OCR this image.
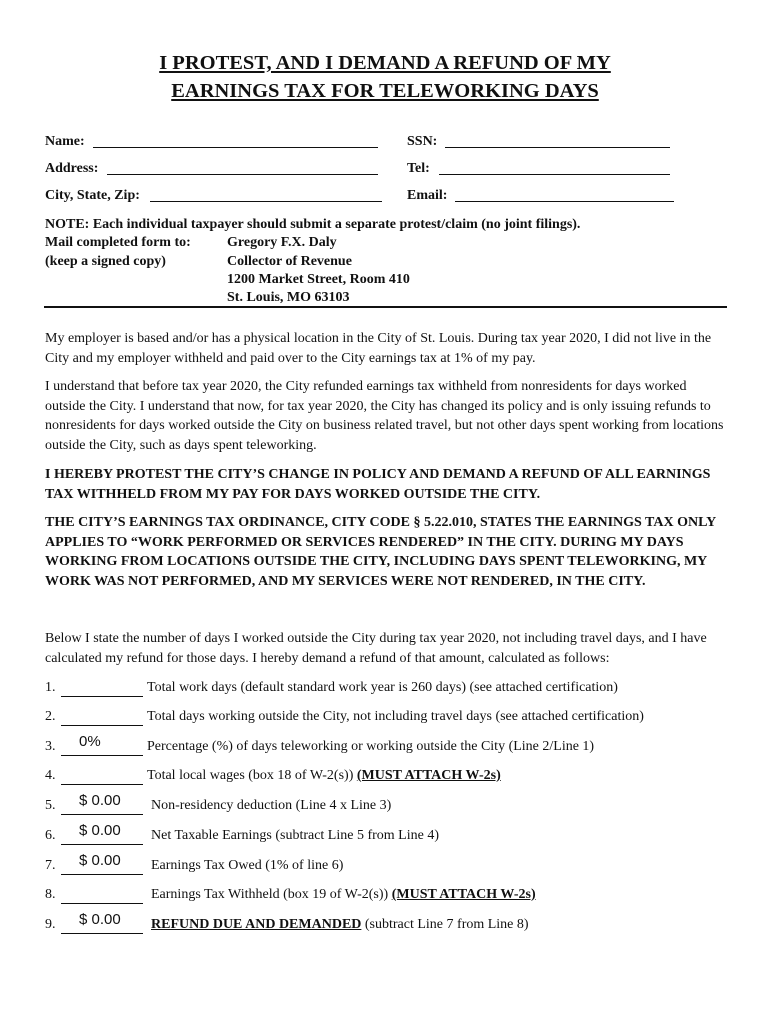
I PROTEST, AND I DEMAND A REFUND OF MY
EARNINGS TAX FOR TELEWORKING DAYS
Name:	SSN:
Address:	Tel:
City, State, Zip:	Email:
NOTE: Each individual taxpayer should submit a separate protest/claim (no joint filings).
Mail completed form to:
(keep a signed copy)
Gregory F.X. Daly
Collector of Revenue
1200 Market Street, Room 410
St. Louis, MO 63103
My employer is based and/or has a physical location in the City of St. Louis. During tax year 2020, I did not live in the City and my employer withheld and paid over to the City earnings tax at 1% of my pay.
I understand that before tax year 2020, the City refunded earnings tax withheld from nonresidents for days worked outside the City. I understand that now, for tax year 2020, the City has changed its policy and is only issuing refunds to nonresidents for days worked outside the City on business related travel, but not other days spent working from locations outside the City, such as days spent teleworking.
I HEREBY PROTEST THE CITY’S CHANGE IN POLICY AND DEMAND A REFUND OF ALL EARNINGS TAX WITHHELD FROM MY PAY FOR DAYS WORKED OUTSIDE THE CITY.
THE CITY’S EARNINGS TAX ORDINANCE, CITY CODE § 5.22.010, STATES THE EARNINGS TAX ONLY APPLIES TO “WORK PERFORMED OR SERVICES RENDERED” IN THE CITY. DURING MY DAYS WORKING FROM LOCATIONS OUTSIDE THE CITY, INCLUDING DAYS SPENT TELEWORKING, MY WORK WAS NOT PERFORMED, AND MY SERVICES WERE NOT RENDERED, IN THE CITY.
Below I state the number of days I worked outside the City during tax year 2020, not including travel days, and I have calculated my refund for those days. I hereby demand a refund of that amount, calculated as follows:
1.	Total work days (default standard work year is 260 days) (see attached certification)
2.	Total days working outside the City, not including travel days (see attached certification)
3. 0%	Percentage (%) of days teleworking or working outside the City (Line 2/Line 1)
4.	Total local wages (box 18 of W-2(s)) (MUST ATTACH W-2s)
5. $ 0.00 Non-residency deduction (Line 4 x Line 3)
6. $ 0.00 Net Taxable Earnings (subtract Line 5 from Line 4)
7. $ 0.00 Earnings Tax Owed (1% of line 6)
8.	Earnings Tax Withheld (box 19 of W-2(s)) (MUST ATTACH W-2s)
9. $ 0.00 REFUND DUE AND DEMANDED (subtract Line 7 from Line 8)
